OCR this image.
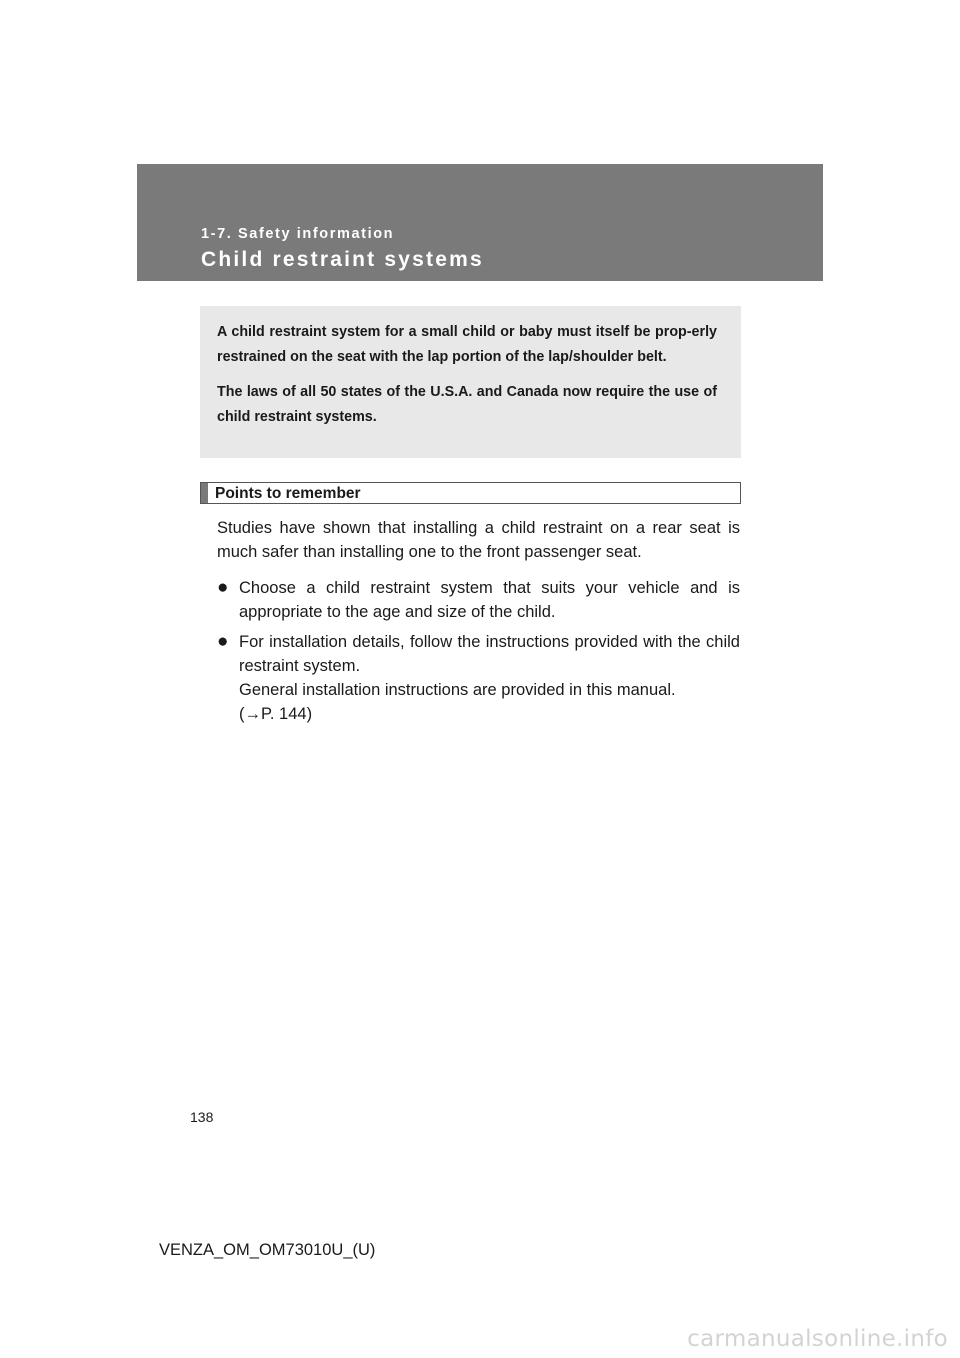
1-7. Safety information
Child restraint systems

A child restraint system for a small child or baby must itself be prop-erly restrained on the seat with the lap portion of the lap/shoulder belt.

The laws of all 50 states of the U.S.A. and Canada now require the use of child restraint systems.

Points to remember

Studies have shown that installing a child restraint on a rear seat is much safer than installing one to the front passenger seat.

● Choose a child restraint system that suits your vehicle and is appropriate to the age and size of the child.
● For installation details, follow the instructions provided with the child restraint system.
General installation instructions are provided in this manual.
(→P. 144)
138
VENZA_OM_OM73010U_(U)
carmanualsonline.info
